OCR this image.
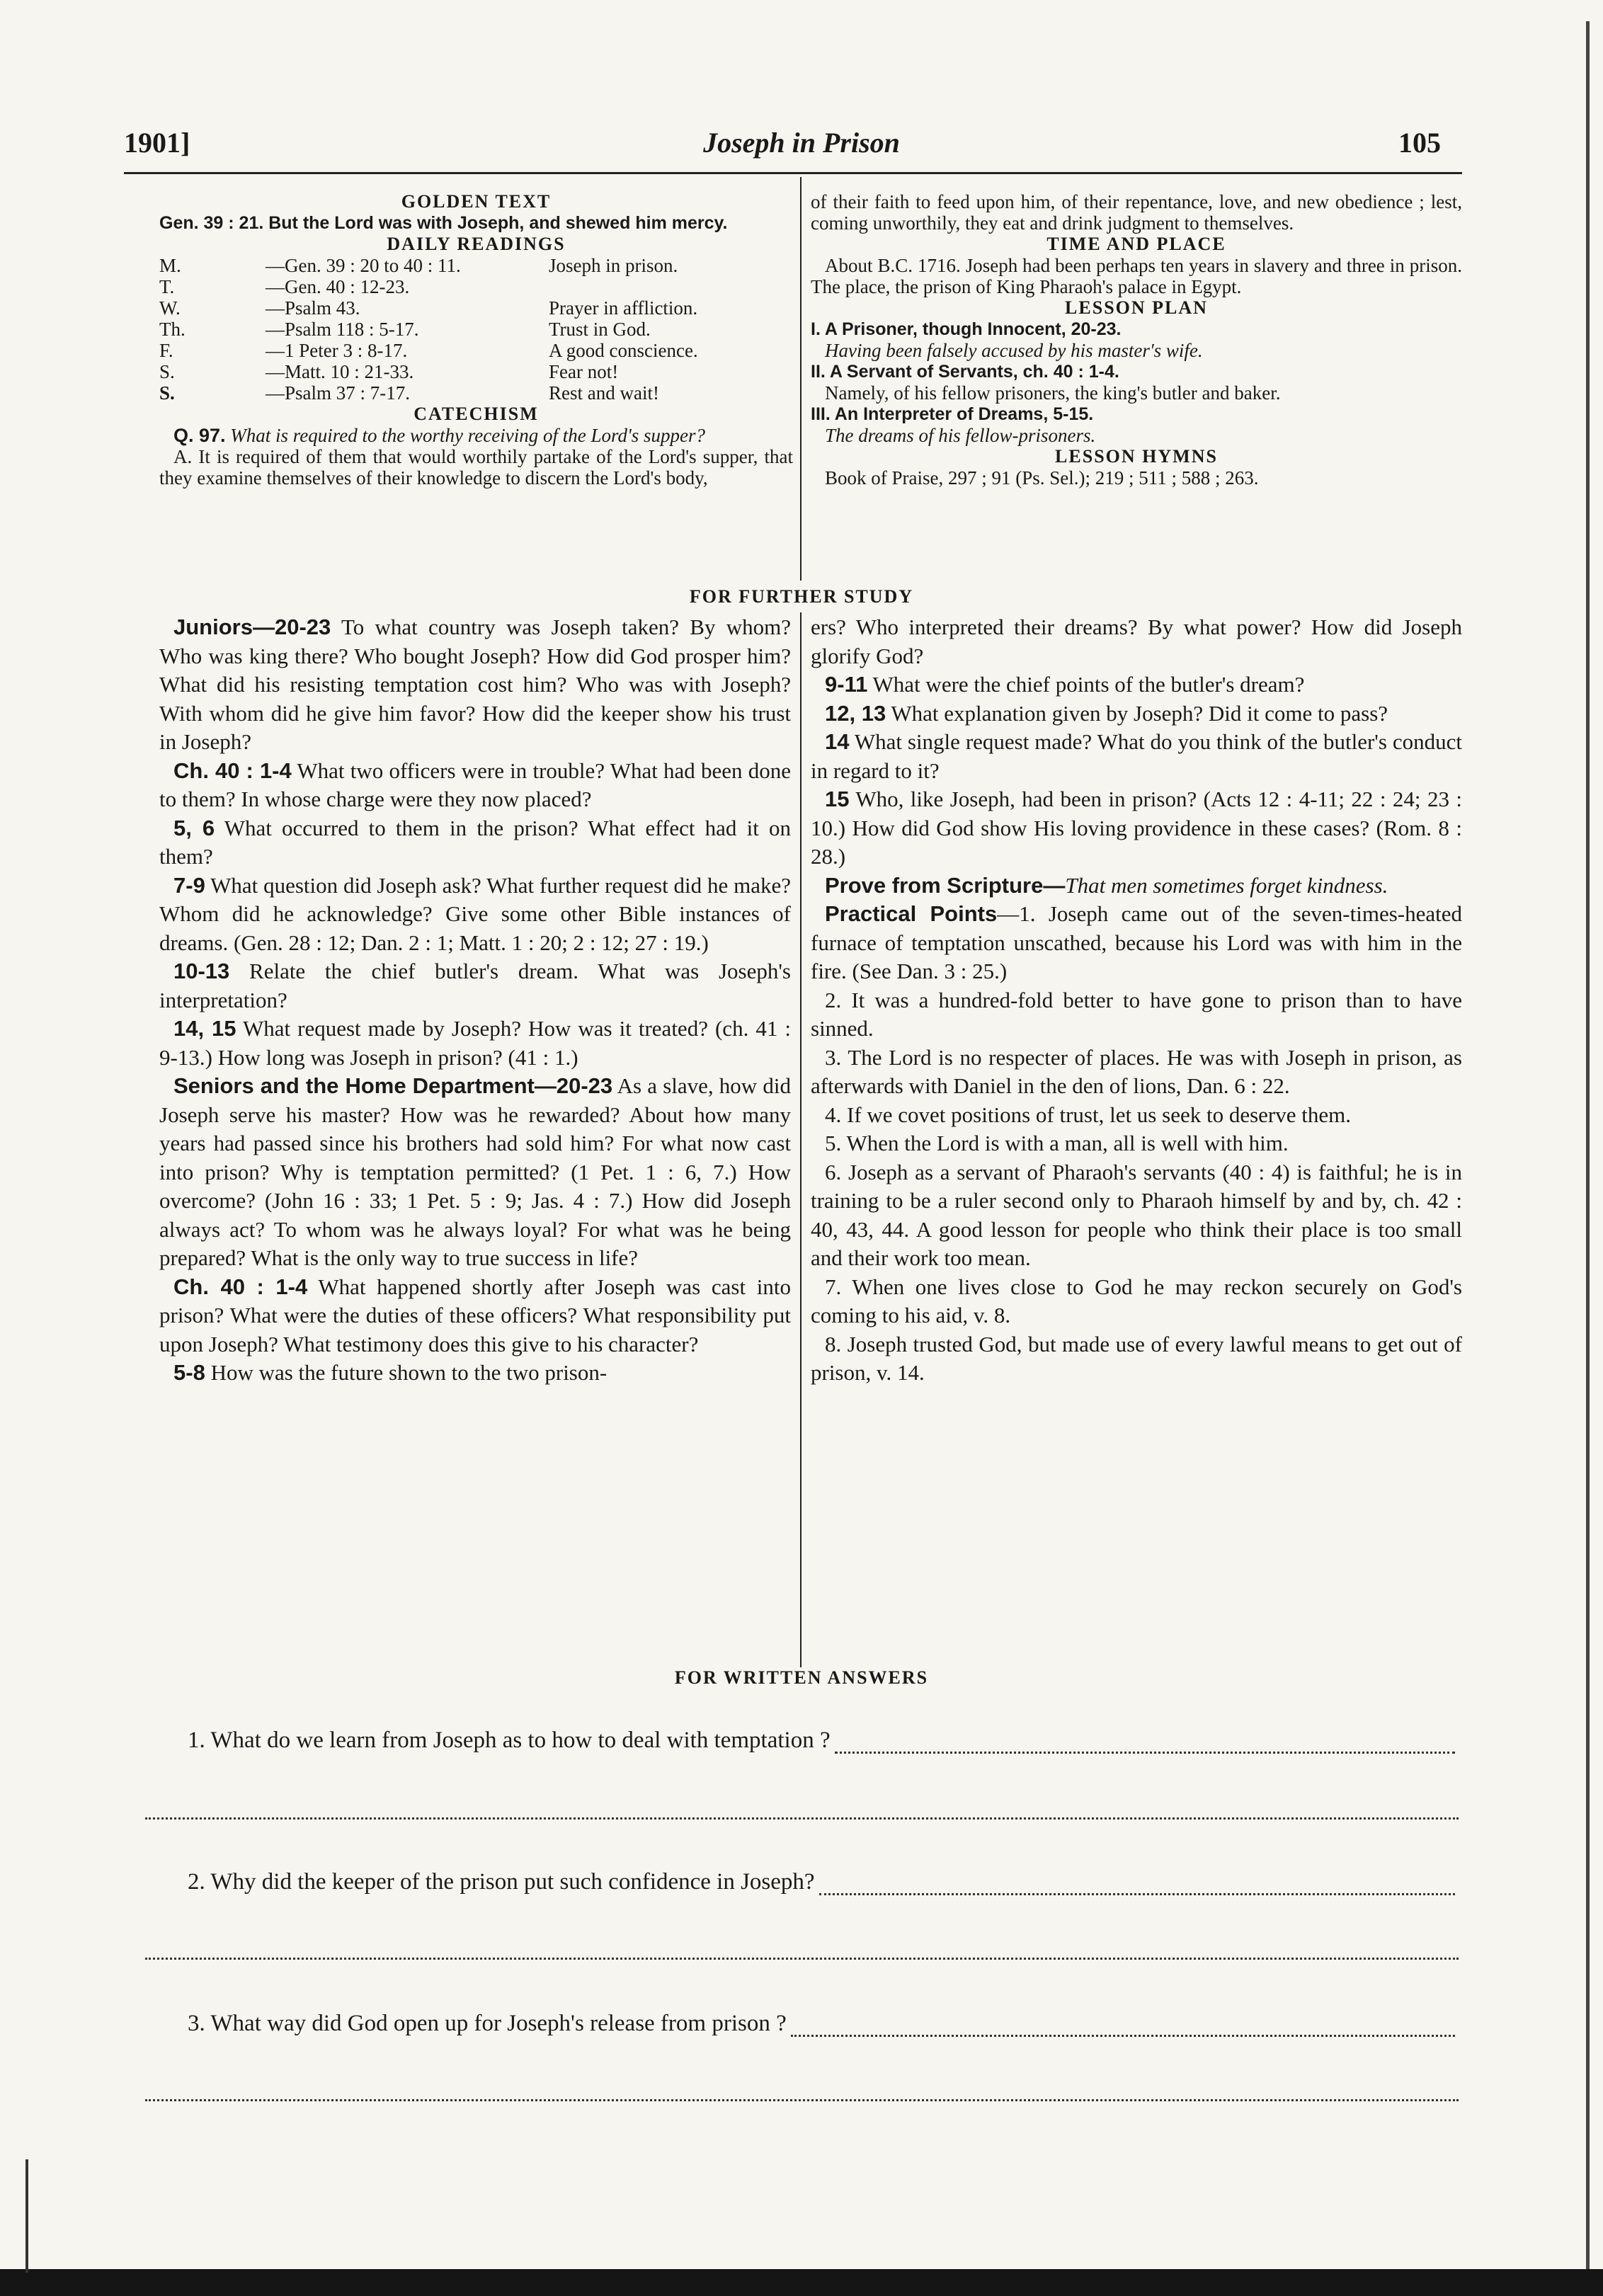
1901]	Joseph in Prison	105
GOLDEN TEXT

Gen. 39 : 21. But the Lord was with Joseph, and shewed him mercy.

DAILY READINGS
M.	—Gen. 39 : 20 to 40 : 11.	Joseph in prison.
T.	—Gen. 40 : 12-23.
W.	—Psalm 43.	Prayer in affliction.
Th.	—Psalm 118 : 5-17.	Trust in God.
F.	—1 Peter 3 : 8-17.	A good conscience.
S.	—Matt. 10 : 21-33.	Fear not!
S.	—Psalm 37 : 7-17.	Rest and wait!
CATECHISM

Q. 97. What is required to the worthy receiving of the Lord's supper?

A. It is required of them that would worthily partake of the Lord's supper, that they examine themselves of their knowledge to discern the Lord's body,

of their faith to feed upon him, of their repentance, love, and new obedience ; lest, coming unworthily, they eat and drink judgment to themselves.

TIME AND PLACE

About B.C. 1716. Joseph had been perhaps ten years in slavery and three in prison. The place, the prison of King Pharaoh's palace in Egypt.

LESSON PLAN

I. A Prisoner, though Innocent, 20-23.

Having been falsely accused by his master's wife.

II. A Servant of Servants, ch. 40 : 1-4.

Namely, of his fellow prisoners, the king's butler and baker.

III. An Interpreter of Dreams, 5-15.

The dreams of his fellow-prisoners.

LESSON HYMNS

Book of Praise, 297 ; 91 (Ps. Sel.); 219 ; 511 ; 588 ; 263.

FOR FURTHER STUDY

Juniors—20-23 To what country was Joseph taken? By whom? Who was king there? Who bought Joseph? How did God prosper him? What did his resisting temptation cost him? Who was with Joseph? With whom did he give him favor? How did the keeper show his trust in Joseph?

Ch. 40 : 1-4 What two officers were in trouble? What had been done to them? In whose charge were they now placed?

5, 6 What occurred to them in the prison? What effect had it on them?

7-9 What question did Joseph ask? What further request did he make? Whom did he acknowledge? Give some other Bible instances of dreams. (Gen. 28 : 12; Dan. 2 : 1; Matt. 1 : 20; 2 : 12; 27 : 19.)

10-13 Relate the chief butler's dream. What was Joseph's interpretation?

14, 15 What request made by Joseph? How was it treated? (ch. 41 : 9-13.) How long was Joseph in prison? (41 : 1.)

Seniors and the Home Department—20-23 As a slave, how did Joseph serve his master? How was he rewarded? About how many years had passed since his brothers had sold him? For what now cast into prison? Why is temptation permitted? (1 Pet. 1 : 6, 7.) How overcome? (John 16 : 33; 1 Pet. 5 : 9; Jas. 4 : 7.) How did Joseph always act? To whom was he always loyal? For what was he being prepared? What is the only way to true success in life?

Ch. 40 : 1-4 What happened shortly after Joseph was cast into prison? What were the duties of these officers? What responsibility put upon Joseph? What testimony does this give to his character?

5-8 How was the future shown to the two prison-

ers? Who interpreted their dreams? By what power? How did Joseph glorify God?

9-11 What were the chief points of the butler's dream?

12, 13 What explanation given by Joseph? Did it come to pass?

14 What single request made? What do you think of the butler's conduct in regard to it?

15 Who, like Joseph, had been in prison? (Acts 12 : 4-11; 22 : 24; 23 : 10.) How did God show His loving providence in these cases? (Rom. 8 : 28.)

Prove from Scripture—That men sometimes forget kindness.

Practical Points—1. Joseph came out of the seven-times-heated furnace of temptation unscathed, because his Lord was with him in the fire. (See Dan. 3 : 25.)

2. It was a hundred-fold better to have gone to prison than to have sinned.

3. The Lord is no respecter of places. He was with Joseph in prison, as afterwards with Daniel in the den of lions, Dan. 6 : 22.

4. If we covet positions of trust, let us seek to deserve them.

5. When the Lord is with a man, all is well with him.

6. Joseph as a servant of Pharaoh's servants (40 : 4) is faithful; he is in training to be a ruler second only to Pharaoh himself by and by, ch. 42 : 40, 43, 44. A good lesson for people who think their place is too small and their work too mean.

7. When one lives close to God he may reckon securely on God's coming to his aid, v. 8.

8. Joseph trusted God, but made use of every lawful means to get out of prison, v. 14.

FOR WRITTEN ANSWERS
1. What do we learn from Joseph as to how to deal with temptation ?
2. Why did the keeper of the prison put such confidence in Joseph?
3. What way did God open up for Joseph's release from prison ?
